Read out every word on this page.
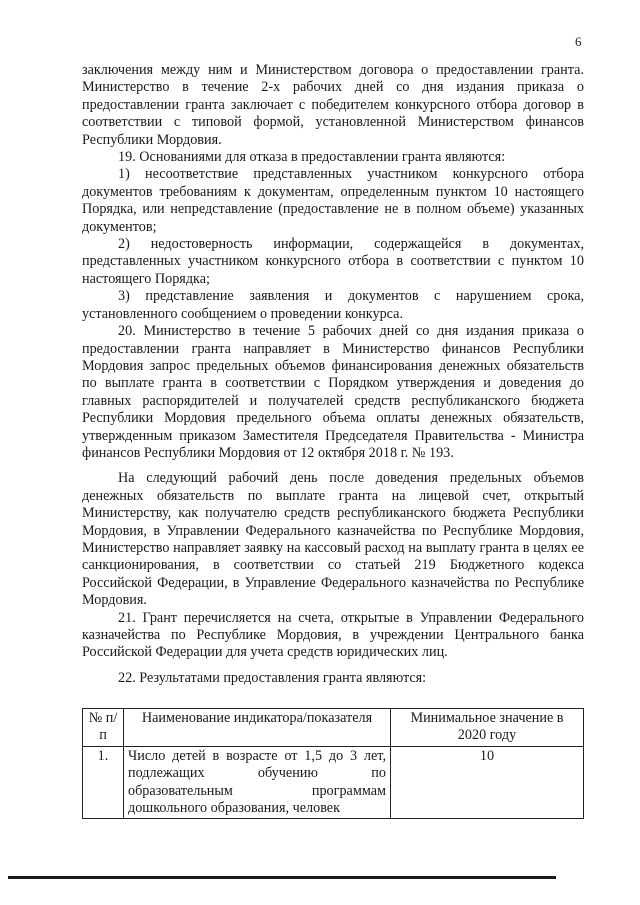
6

заключения между ним и Министерством договора о предоставлении гранта. Министерство в течение 2-х рабочих дней со дня издания приказа о предоставлении гранта заключает с победителем конкурсного отбора договор в соответствии с типовой формой, установленной Министерством финансов Республики Мордовия.

19. Основаниями для отказа в предоставлении гранта являются:

1) несоответствие представленных участником конкурсного отбора документов требованиям к документам, определенным пунктом 10 настоящего Порядка, или непредставление (предоставление не в полном объеме) указанных документов;

2) недостоверность информации, содержащейся в документах, представленных участником конкурсного отбора в соответствии с пунктом 10 настоящего Порядка;

3) представление заявления и документов с нарушением срока, установленного сообщением о проведении конкурса.

20. Министерство в течение 5 рабочих дней со дня издания приказа о предоставлении гранта направляет в Министерство финансов Республики Мордовия запрос предельных объемов финансирования денежных обязательств по выплате гранта в соответствии с Порядком утверждения и доведения до главных распорядителей и получателей средств республиканского бюджета Республики Мордовия предельного объема оплаты денежных обязательств, утвержденным приказом Заместителя Председателя Правительства - Министра финансов Республики Мордовия от 12 октября 2018 г. № 193.

На следующий рабочий день после доведения предельных объемов денежных обязательств по выплате гранта на лицевой счет, открытый Министерству, как получателю средств республиканского бюджета Республики Мордовия, в Управлении Федерального казначейства по Республике Мордовия, Министерство направляет заявку на кассовый расход на выплату гранта в целях ее санкционирования, в соответствии со статьей 219 Бюджетного кодекса Российской Федерации, в Управление Федерального казначейства по Республике Мордовия.

21. Грант перечисляется на счета, открытые в Управлении Федерального казначейства по Республике Мордовия, в учреждении Центрального банка Российской Федерации для учета средств юридических лиц.

22. Результатами предоставления гранта являются:

№ п/п	Наименование индикатора/показателя	Минимальное значение в 2020 году
1.	Число детей в возрасте от 1,5 до 3 лет, подлежащих обучению по образовательным программам дошкольного образования, человек	10
